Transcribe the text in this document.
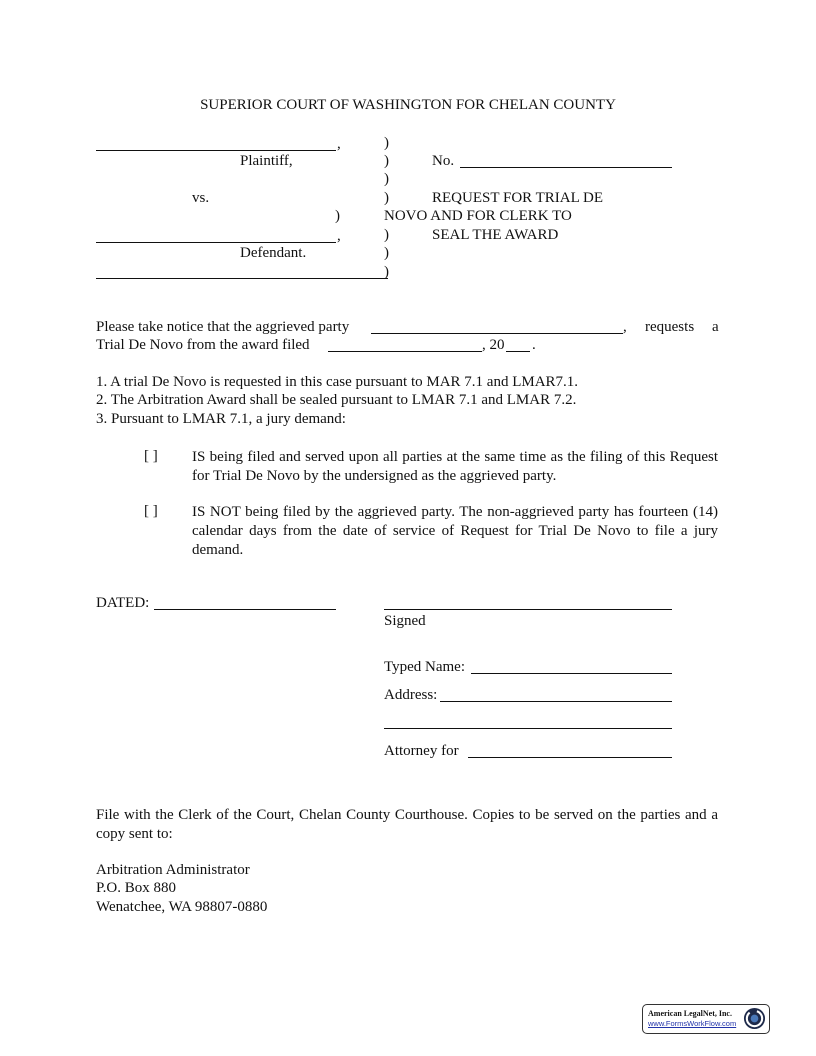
SUPERIOR COURT OF WASHINGTON FOR CHELAN COUNTY
,
Plaintiff,
vs.
)
,
Defendant.
)
)
)
)
)
)
)
No.
REQUEST FOR TRIAL DE
NOVO AND FOR CLERK TO
SEAL THE AWARD
Please take notice that the aggrieved party	, requests a
Trial De Novo from the award filed	, 20 .
1. A trial De Novo is requested in this case pursuant to MAR 7.1 and LMAR7.1.
2. The Arbitration Award shall be sealed pursuant to LMAR 7.1 and LMAR 7.2.
3. Pursuant to LMAR 7.1, a jury demand:
[ ] IS being filed and served upon all parties at the same time as the filing of this Request for Trial De Novo by the undersigned as the aggrieved party.
[ ] IS NOT being filed by the aggrieved party. The non-aggrieved party has fourteen (14) calendar days from the date of service of Request for Trial De Novo to file a jury demand.
DATED:
Signed
Typed Name:
Address:
Attorney for
File with the Clerk of the Court, Chelan County Courthouse. Copies to be served on the parties and a copy sent to:
Arbitration Administrator
P.O. Box 880
Wenatchee, WA 98807-0880
American LegalNet, Inc.
www.FormsWorkFlow.com
